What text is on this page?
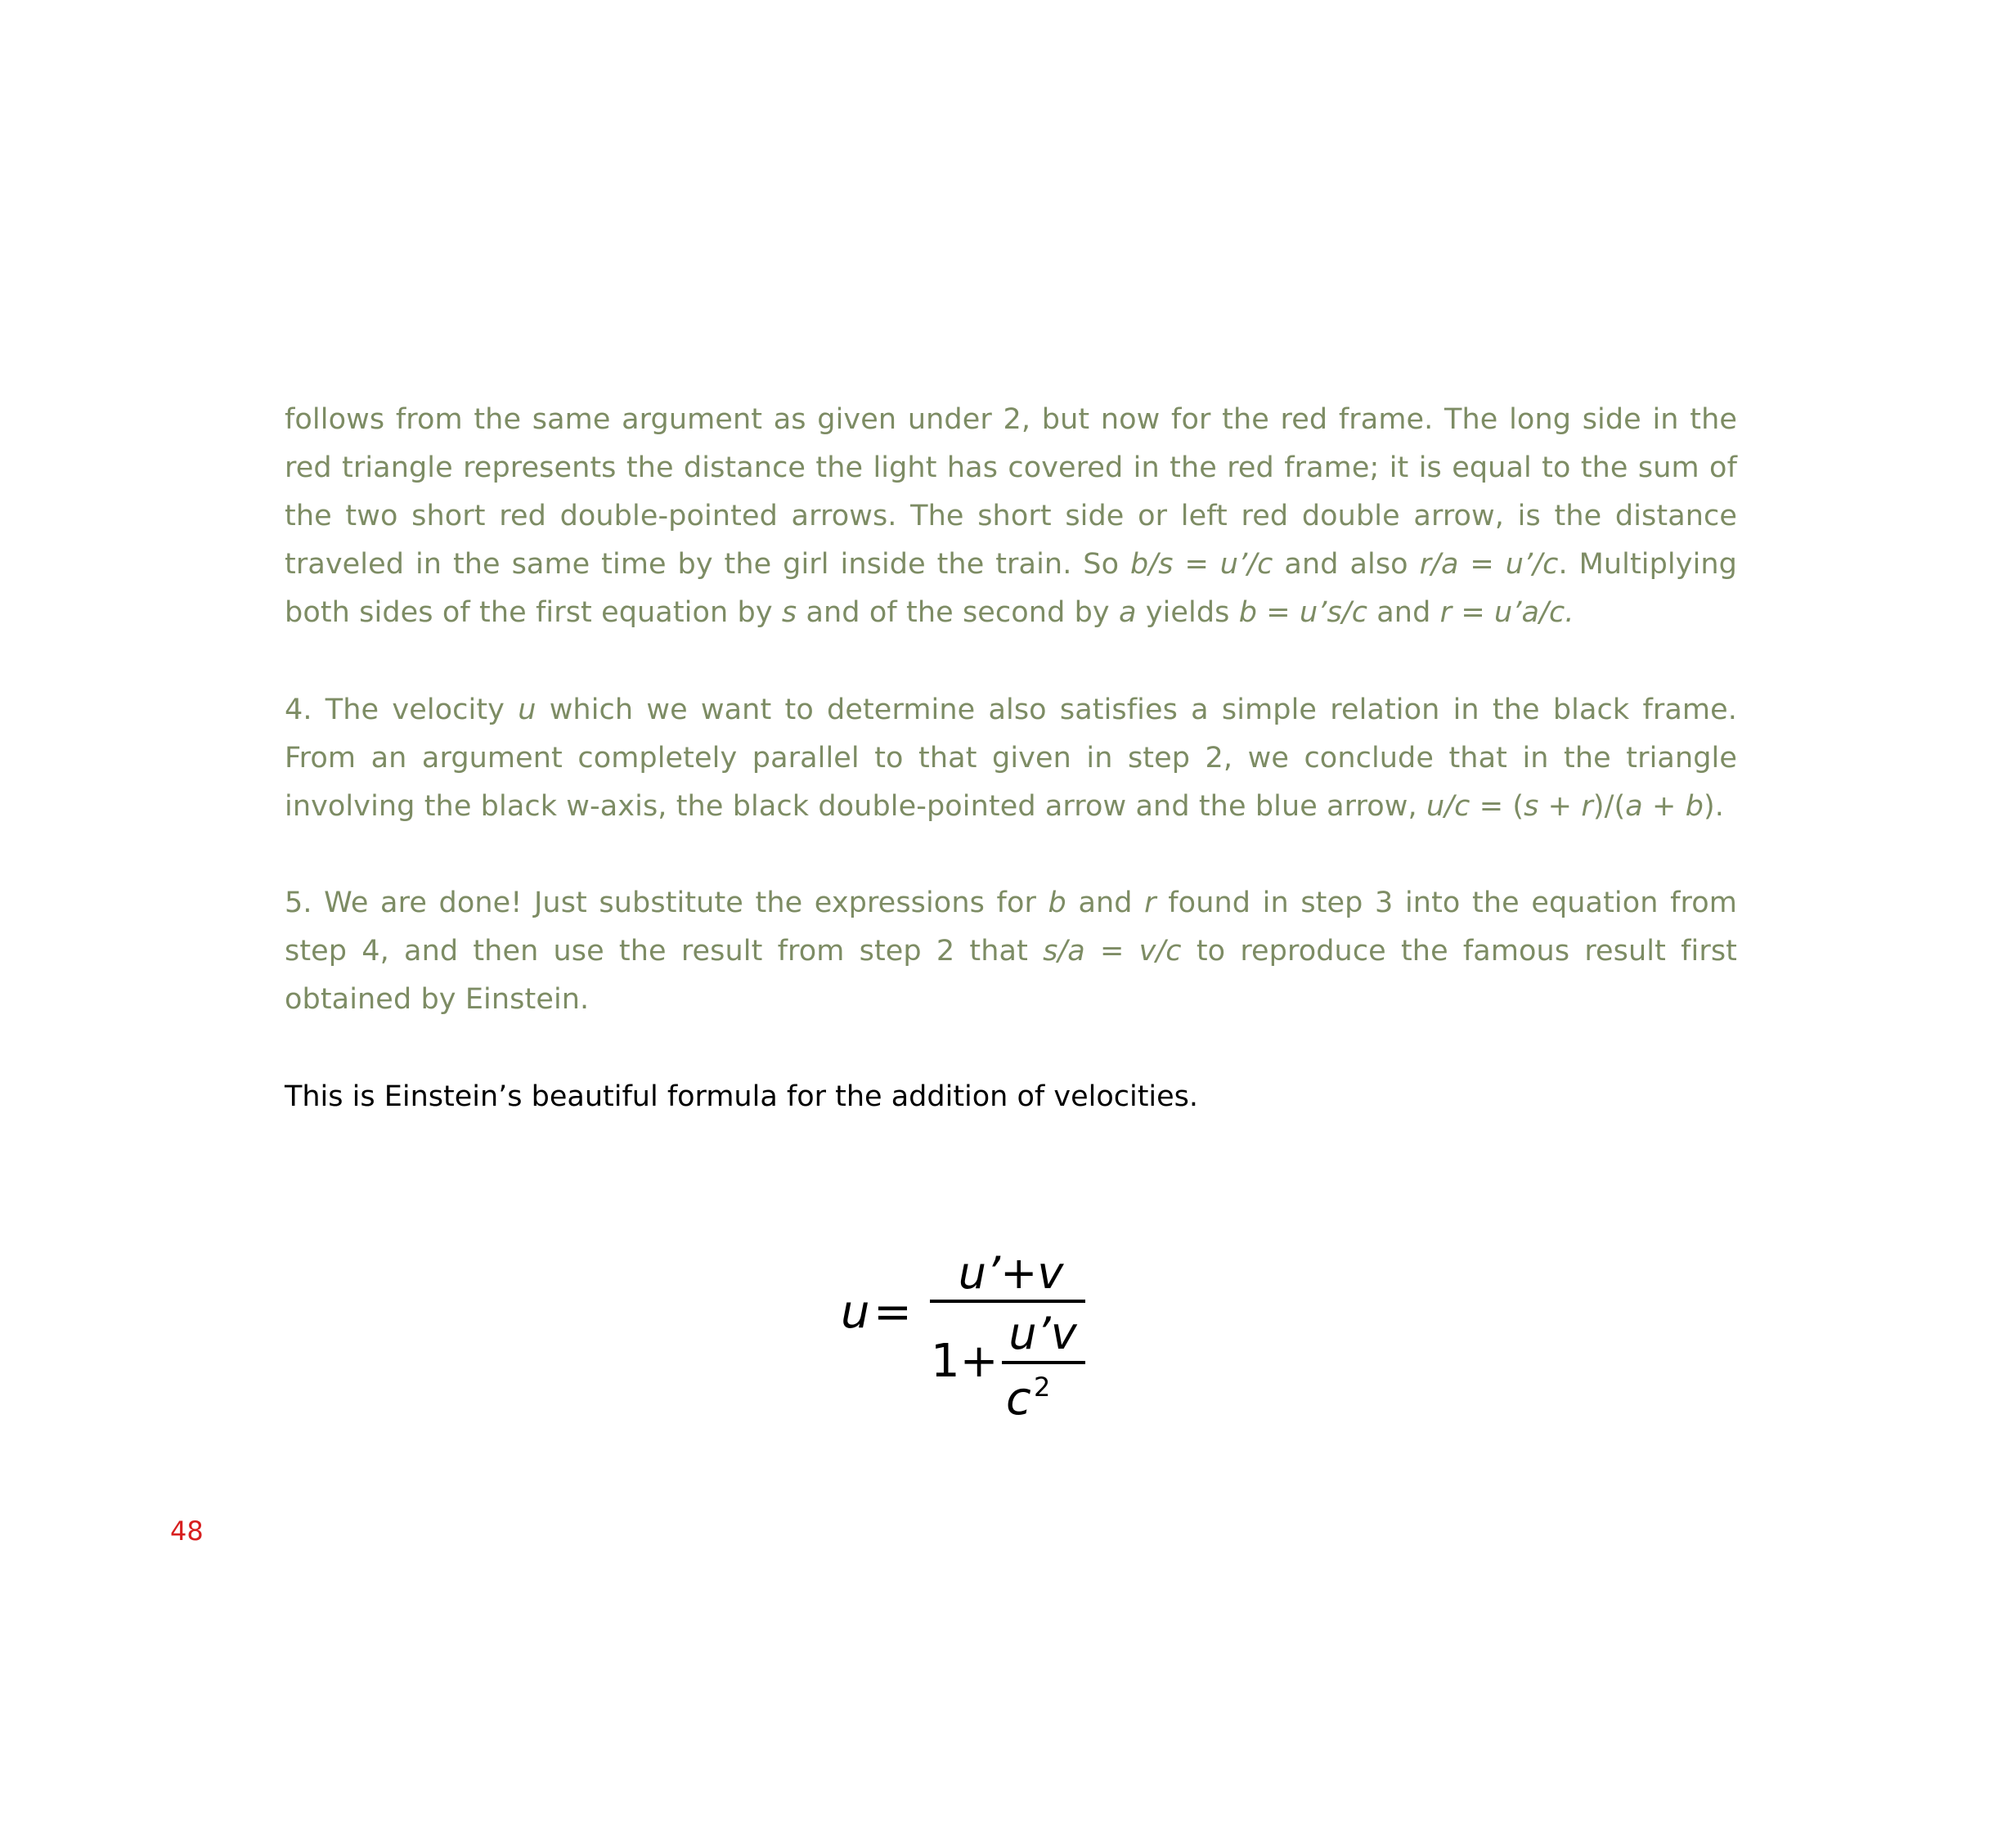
follows from the same argument as given under 2, but now for the red frame. The long side in the red triangle represents the distance the light has covered in the red frame; it is equal to the sum of the two short red double-pointed arrows. The short side or left red double arrow, is the distance traveled in the same time by the girl inside the train. So b/s = u’/c and also r/a = u’/c. Multiplying both sides of the first equation by s and of the second by a yields b = u’s/c and r = u’a/c.

4. The velocity u which we want to determine also satisfies a simple relation in the black frame. From an argument completely parallel to that given in step 2, we conclude that in the triangle involving the black w-axis, the black double-pointed arrow and the blue arrow, u/c = (s + r)/(a + b).

5. We are done! Just substitute the expressions for b and r found in step 3 into the equation from step 4, and then use the result from step 2 that s/a = v/c to reproduce the famous result first obtained by Einstein.

This is Einstein’s beautiful formula for the addition of velocities.

u =
u’+v
1+
u’v
c 2
48
